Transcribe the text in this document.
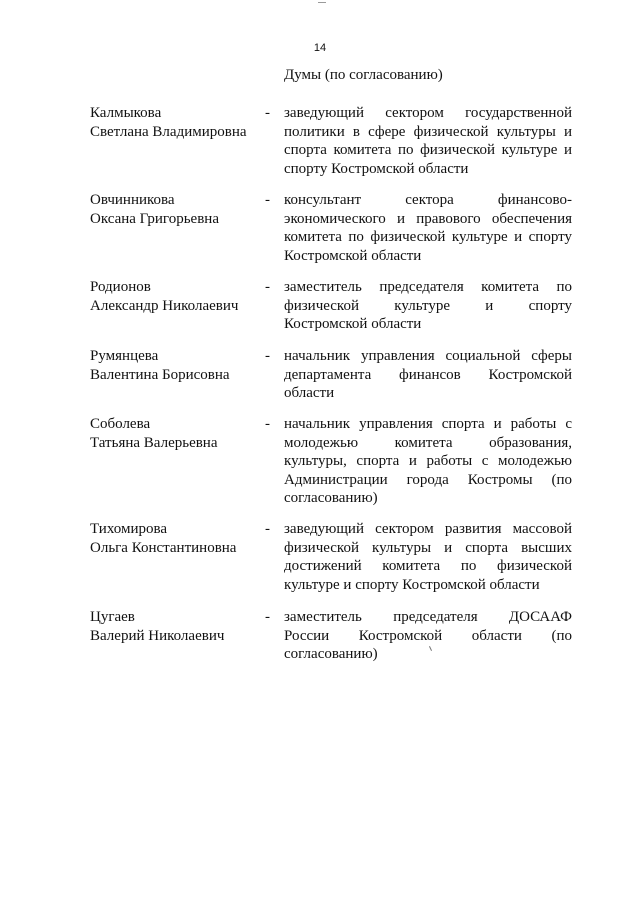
14
Думы (по согласованию)
Калмыкова
Светлана Владимировна
- заведующий сектором государственной
политики в сфере физической культуры и
спорта комитета по физической культуре и
спорту Костромской области
Овчинникова
Оксана Григорьевна
- консультант сектора финансово-
экономического и правового обеспечения
комитета по физической культуре и спорту
Костромской области
Родионов
Александр Николаевич
- заместитель председателя комитета по
физической культуре и спорту
Костромской области
Румянцева
Валентина Борисовна
- начальник управления социальной сферы
департамента финансов Костромской
области
Соболева
Татьяна Валерьевна
- начальник управления спорта и работы с
молодежью комитета образования,
культуры, спорта и работы с молодежью
Администрации города Костромы (по
согласованию)
Тихомирова
Ольга Константиновна
- заведующий сектором развития массовой
физической культуры и спорта высших
достижений комитета по физической
культуре и спорту Костромской области
Цугаев
Валерий Николаевич
- заместитель председателя ДОСААФ
России Костромской области (по
согласованию)
